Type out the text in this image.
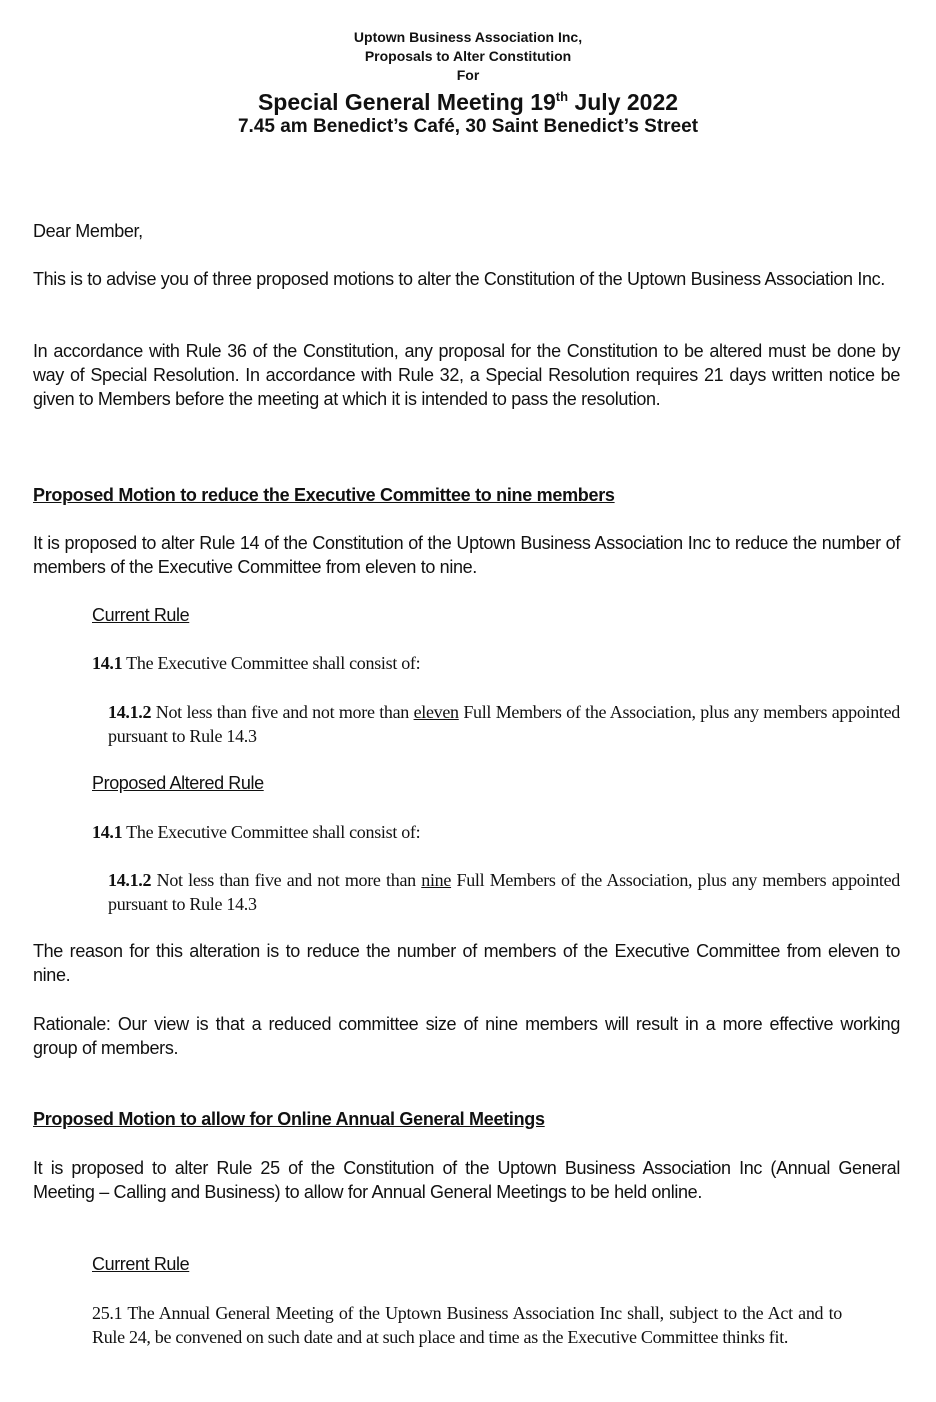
Uptown Business Association Inc,
Proposals to Alter Constitution
For
Special General Meeting 19th July 2022
7.45 am Benedict’s Café, 30 Saint Benedict’s Street
Dear Member,
This is to advise you of three proposed motions to alter the Constitution of the Uptown Business Association Inc.
In accordance with Rule 36 of the Constitution, any proposal for the Constitution to be altered must be done by way of Special Resolution. In accordance with Rule 32, a Special Resolution requires 21 days written notice be given to Members before the meeting at which it is intended to pass the resolution.
Proposed Motion to reduce the Executive Committee to nine members
It is proposed to alter Rule 14 of the Constitution of the Uptown Business Association Inc to reduce the number of members of the Executive Committee from eleven to nine.
Current Rule
14.1 The Executive Committee shall consist of:
14.1.2 Not less than five and not more than eleven Full Members of the Association, plus any members appointed pursuant to Rule 14.3
Proposed Altered Rule
14.1 The Executive Committee shall consist of:
14.1.2 Not less than five and not more than nine Full Members of the Association, plus any members appointed pursuant to Rule 14.3
The reason for this alteration is to reduce the number of members of the Executive Committee from eleven to nine.
Rationale: Our view is that a reduced committee size of nine members will result in a more effective working group of members.
Proposed Motion to allow for Online Annual General Meetings
It is proposed to alter Rule 25 of the Constitution of the Uptown Business Association Inc (Annual General Meeting – Calling and Business) to allow for Annual General Meetings to be held online.
Current Rule
25.1 The Annual General Meeting of the Uptown Business Association Inc shall, subject to the Act and to Rule 24, be convened on such date and at such place and time as the Executive Committee thinks fit.
